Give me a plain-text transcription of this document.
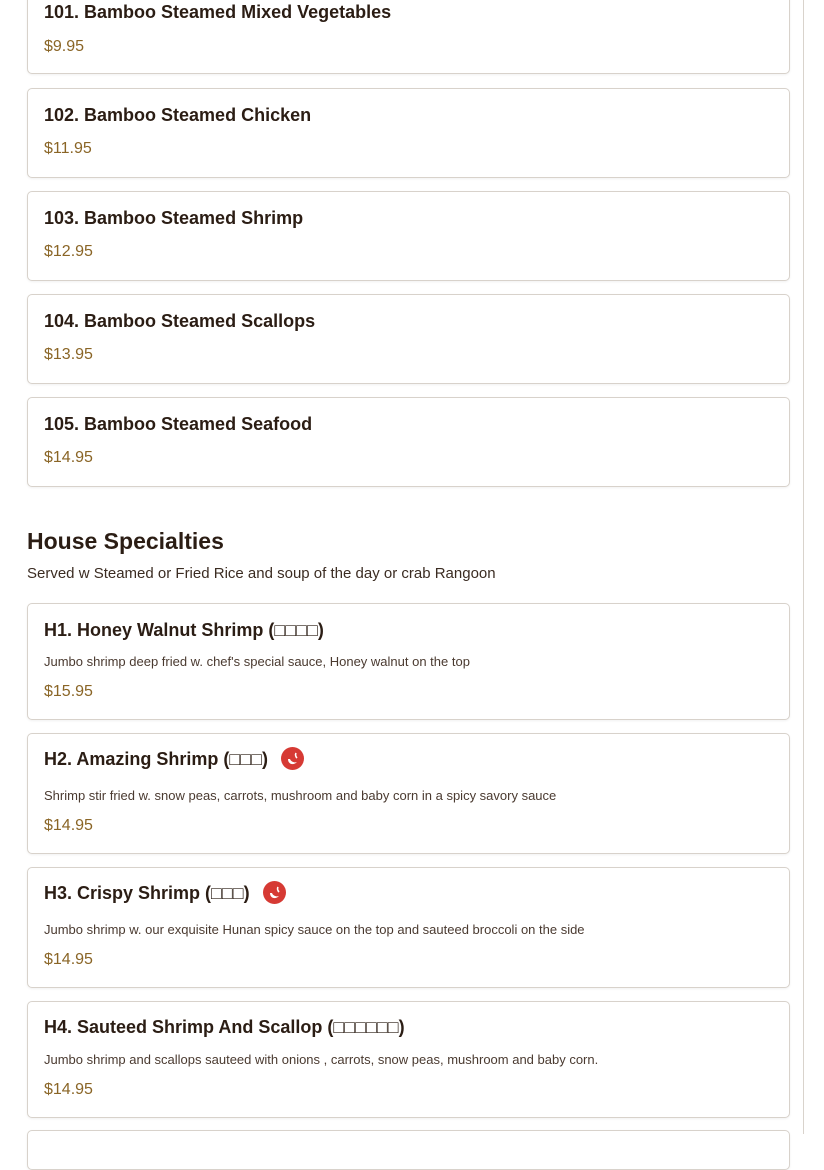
101. Bamboo Steamed Mixed Vegetables
$9.95
102. Bamboo Steamed Chicken
$11.95
103. Bamboo Steamed Shrimp
$12.95
104. Bamboo Steamed Scallops
$13.95
105. Bamboo Steamed Seafood
$14.95
House Specialties
Served w Steamed or Fried Rice and soup of the day or crab Rangoon
H1. Honey Walnut Shrimp (□□□□)
Jumbo shrimp deep fried w. chef's special sauce, Honey walnut on the top
$15.95
H2. Amazing Shrimp (□□□)
Shrimp stir fried w. snow peas, carrots, mushroom and baby corn in a spicy savory sauce
$14.95
H3. Crispy Shrimp (□□□)
Jumbo shrimp w. our exquisite Hunan spicy sauce on the top and sauteed broccoli on the side
$14.95
H4. Sauteed Shrimp And Scallop (□□□□□□)
Jumbo shrimp and scallops sauteed with onions , carrots, snow peas, mushroom and baby corn.
$14.95
